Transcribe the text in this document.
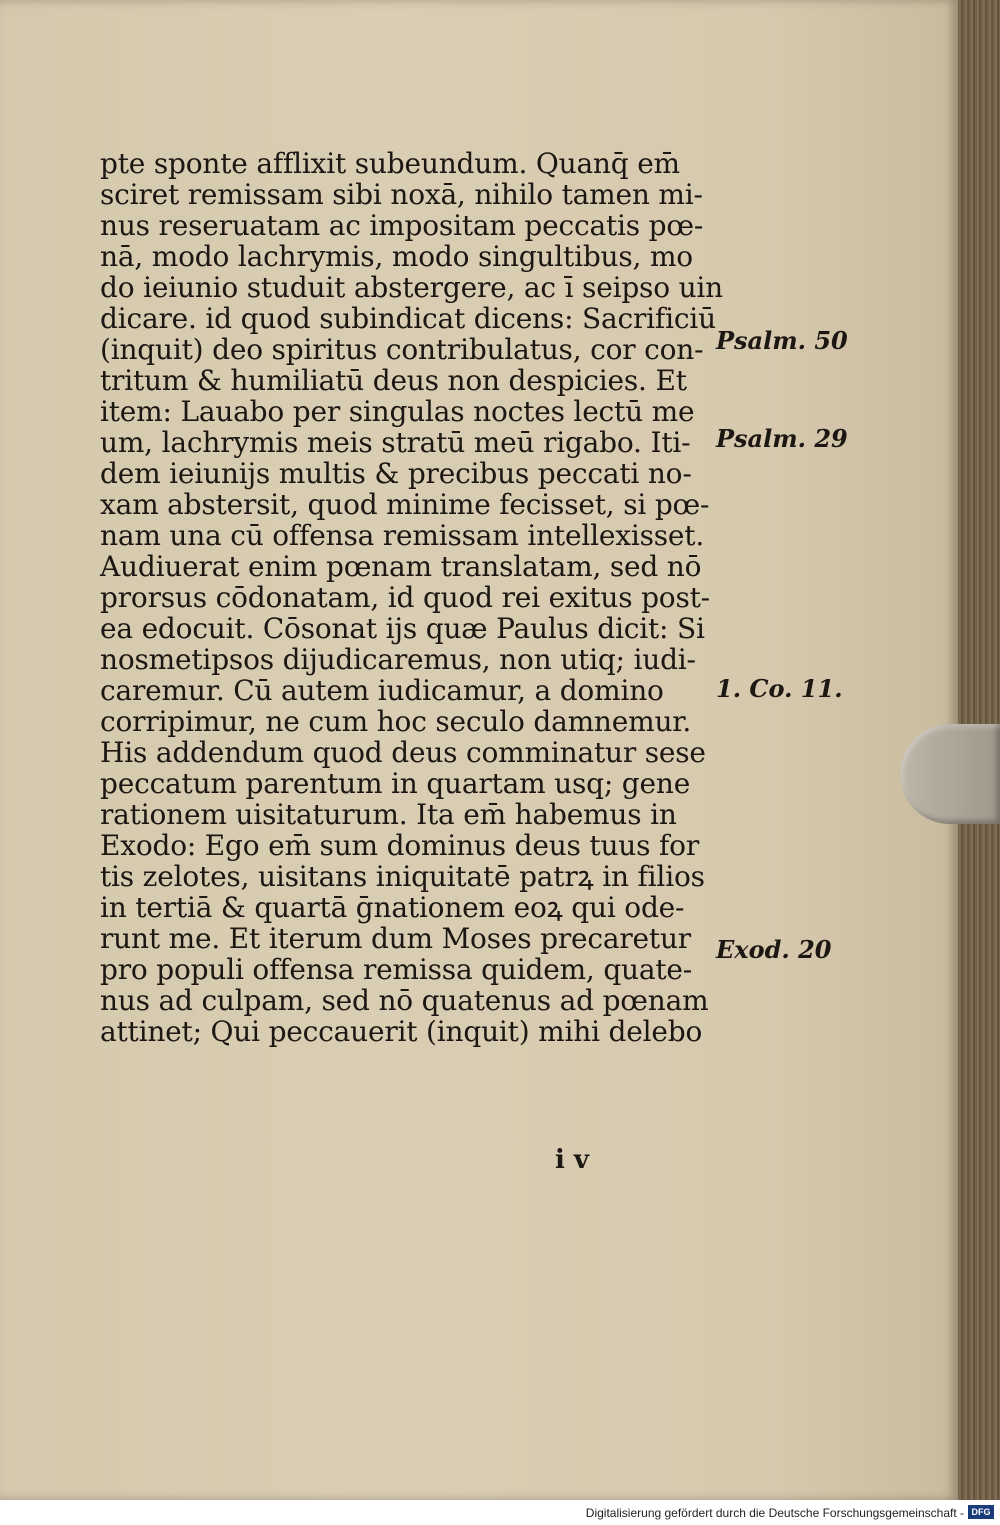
pte sponte afflixit subeundum. Quanq̄ em̄
sciret remissam sibi noxā, nihilo tamen mi-
nus reseruatam ac impositam peccatis pœ-
nā, modo lachrymis, modo singultibus, mo
do ieiunio studuit abstergere, ac ī seipso uin
dicare. id quod subindicat dicens: Sacrificiū
(inquit) deo spiritus contribulatus, cor con-
tritum & humiliatū deus non despicies. Et
item: Lauabo per singulas noctes lectū me
um, lachrymis meis stratū meū rigabo. Iti-
dem ieiunijs multis & precibus peccati no-
xam abstersit, quod minime fecisset, si pœ-
nam una cū offensa remissam intellexisset.
Audiuerat enim pœnam translatam, sed nō
prorsus cōdonatam, id quod rei exitus post-
ea edocuit. Cōsonat ijs quæ Paulus dicit: Si
nosmetipsos dijudicaremus, non utiq; iudi-
caremur. Cū autem iudicamur, a domino
corripimur, ne cum hoc seculo damnemur.
His addendum quod deus comminatur sese
peccatum parentum in quartam usq; gene
rationem uisitaturum. Ita em̄ habemus in
Exodo: Ego em̄ sum dominus deus tuus for
tis zelotes, uisitans iniquitatē patrꝝ in filios
in tertiā & quartā ḡnationem eoꝝ qui ode-
runt me. Et iterum dum Moses precaretur
pro populi offensa remissa quidem, quate-
nus ad culpam, sed nō quatenus ad pœnam
attinet; Qui peccauerit (inquit) mihi delebo
Psalm. 50
Psalm. 29
1. Co. 11.
Exod. 20
i v
Digitalisierung gefördert durch die Deutsche Forschungsgemeinschaft - DFG
